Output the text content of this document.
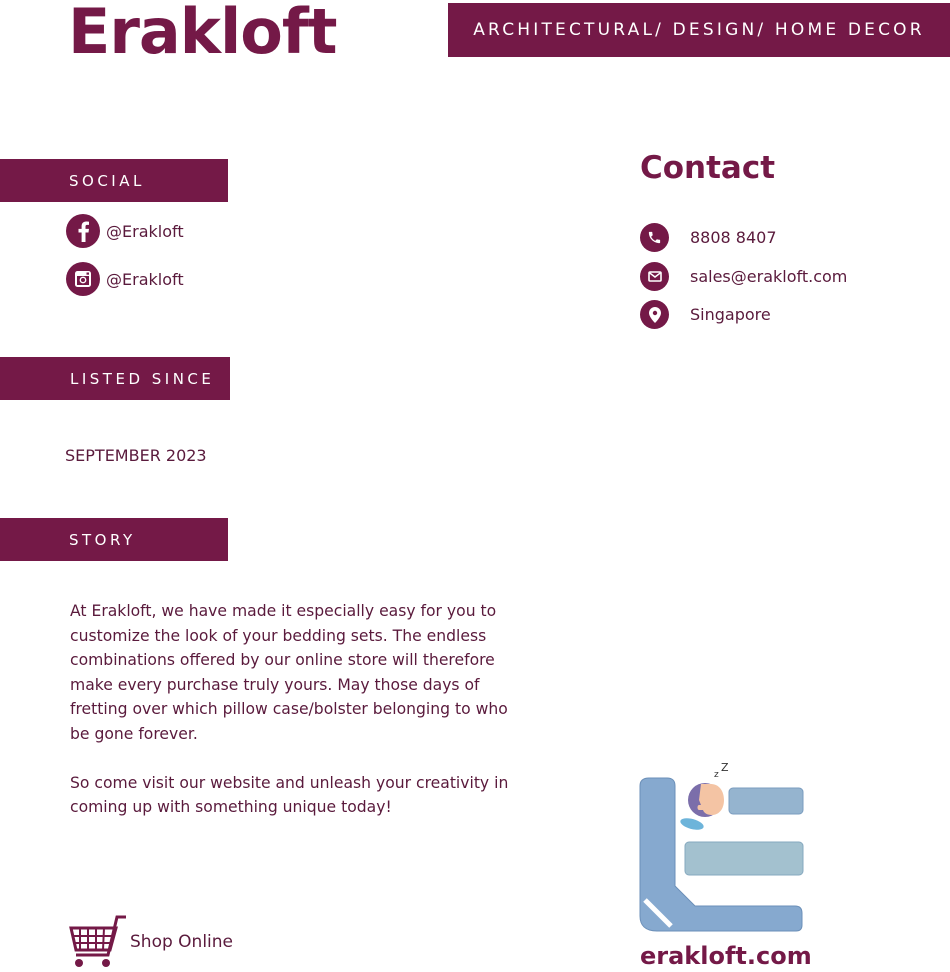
Erakloft	ARCHITECTURAL/ DESIGN/ HOME DECOR
SOCIAL
@Erakloft
@Erakloft
LISTED SINCE
SEPTEMBER 2023
STORY

At Erakloft, we have made it especially easy for you to customize the look of your bedding sets. The endless combinations offered by our online store will therefore make every purchase truly yours. May those days of fretting over which pillow case/bolster belonging to who be gone forever.

So come visit our website and unleash your creativity in coming up with something unique today!

Contact
8808 8407
sales@erakloft.com
Singapore
Shop Online
z
Z
erakloft.com
